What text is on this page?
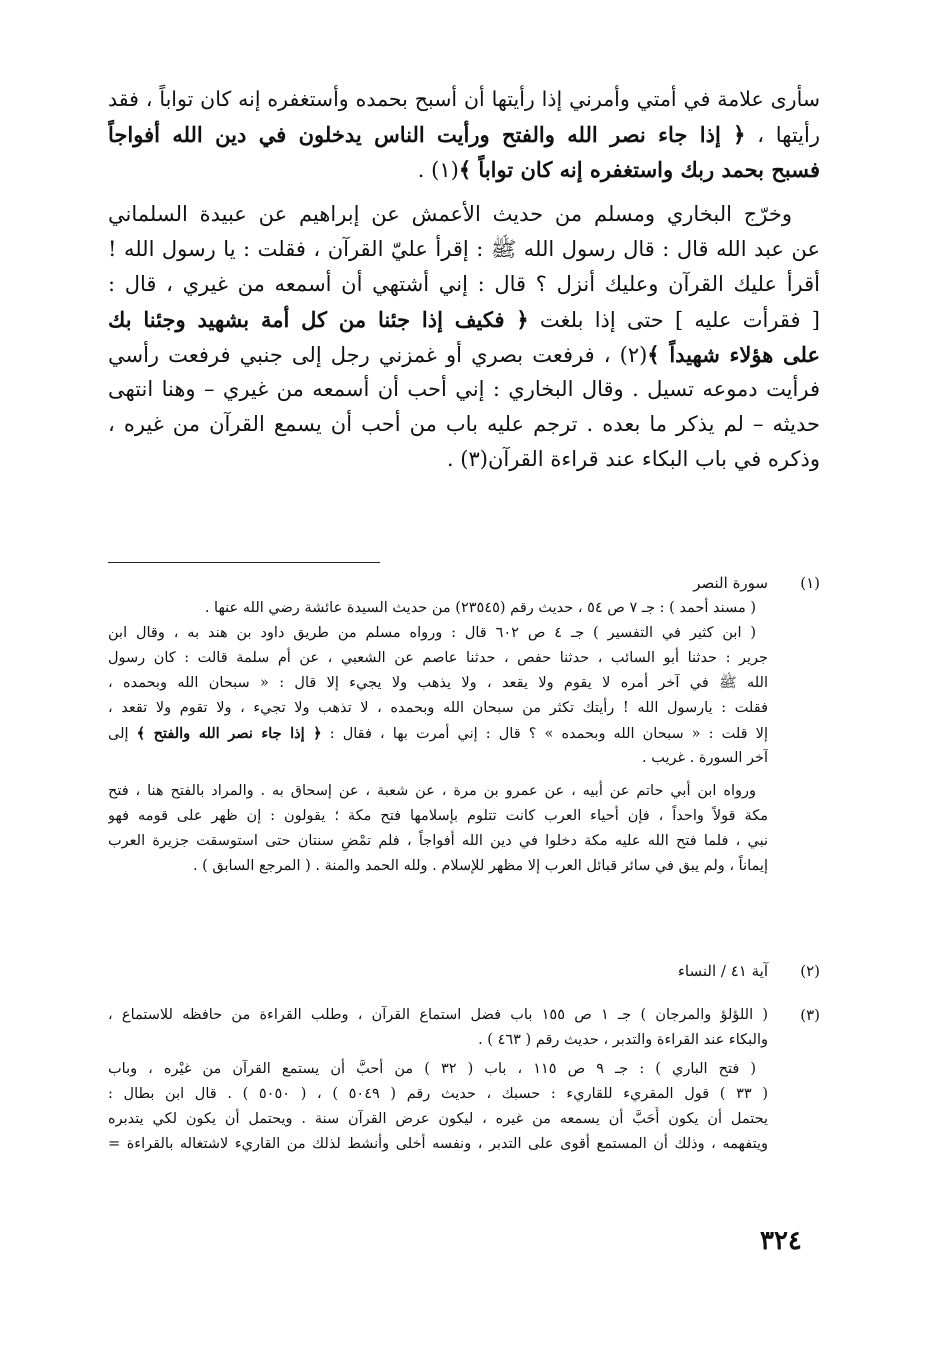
سأرى علامة في أمتي وأمرني إذا رأيتها أن أسبح بحمده وأستغفره إنه كان تواباً ، فقد
رأيتها ، ﴿ إذا جاء نصر الله والفتح ورأيت الناس يدخلون في دين الله أفواجاً
فسبح بحمد ربك واستغفره إنه كان تواباً ﴾(١) .
وخرّج البخاري ومسلم من حديث الأعمش عن إبراهيم عن عبيدة السلماني
عن عبد الله قال : قال رسول الله ﷺ : إقرأ عليّ القرآن ، فقلت : يا رسول الله !
أقرأ عليك القرآن وعليك أنزل ؟ قال : إني أشتهي أن أسمعه من غيري ، قال :
[ فقرأت عليه ] حتى إذا بلغت ﴿ فكيف إذا جئنا من كل أمة بشهيد وجئنا بك
على هؤلاء شهيداً ﴾(٢) ، فرفعت بصري أو غمزني رجل إلى جنبي فرفعت رأسي
فرأيت دموعه تسيل . وقال البخاري : إني أحب أن أسمعه من غيري – وهنا انتهى
حديثه – لم يذكر ما بعده . ترجم عليه باب من أحب أن يسمع القرآن من غيره ،
وذكره في باب البكاء عند قراءة القرآن(٣) .
(١)
سورة النصر
( مسند أحمد ) : جـ ٧ ص ٥٤ ، حديث رقم (٢٣٥٤٥) من حديث السيدة عائشة رضي الله عنها .
( ابن كثير في التفسير ) جـ ٤ ص ٦٠٢ قال : ورواه مسلم من طريق داود بن هند به ، وقال ابن
جرير : حدثنا أبو السائب ، حدثنا حفص ، حدثنا عاصم عن الشعبي ، عن أم سلمة قالت : كان رسول
الله ﷺ في آخر أمره لا يقوم ولا يقعد ، ولا يذهب ولا يجيء إلا قال : « سبحان الله وبحمده ،
فقلت : يارسول الله ! رأيتك تكثر من سبحان الله وبحمده ، لا تذهب ولا تجيء ، ولا تقوم ولا تقعد ،
إلا قلت : « سبحان الله وبحمده » ؟ قال : إني أمرت بها ، فقال : ﴿ إذا جاء نصر الله والفتح ﴾ إلى
آخر السورة . غريب .
ورواه ابن أبي حاتم عن أبيه ، عن عمرو بن مرة ، عن شعبة ، عن إسحاق به . والمراد بالفتح هنا ، فتح
مكة قولاً واحداً ، فإن أحياء العرب كانت تتلوم بإسلامها فتح مكة ؛ يقولون : إن ظهر على قومه فهو
نبي ، فلما فتح الله عليه مكة دخلوا في دين الله أفواجاً ، فلم تمْضِ سنتان حتى استوسقت جزيرة العرب
إيماناً ، ولم يبق في سائر قبائل العرب إلا مظهر للإسلام . ولله الحمد والمنة . ( المرجع السابق ) .
(٢)
آية ٤١ / النساء
(٣)
( اللؤلؤ والمرجان ) جـ ١ ص ١٥٥ باب فضل استماع القرآن ، وطلب القراءة من حافظه للاستماع ،
والبكاء عند القراءة والتدبر ، حديث رقم ( ٤٦٣ ) .
( فتح الباري ) : جـ ٩ ص ١١٥ ، باب ( ٣٢ ) من أحبَّ أن يستمع القرآن من غيْره ، وباب
( ٣٣ ) قول المقريء للقاريء : حسبك ، حديث رقم ( ٥٠٤٩ ) ، ( ٥٠٥٠ ) . قال ابن بطال :
يحتمل أن يكون أَحَبَّ أن يسمعه من غيره ، ليكون عرض القرآن سنة . ويحتمل أن يكون لكي يتدبره
ويتفهمه ، وذلك أن المستمع أقوى على التدبر ، ونفسه أخلى وأنشط لذلك من القاريء لاشتغاله بالقراءة =
٣٢٤
